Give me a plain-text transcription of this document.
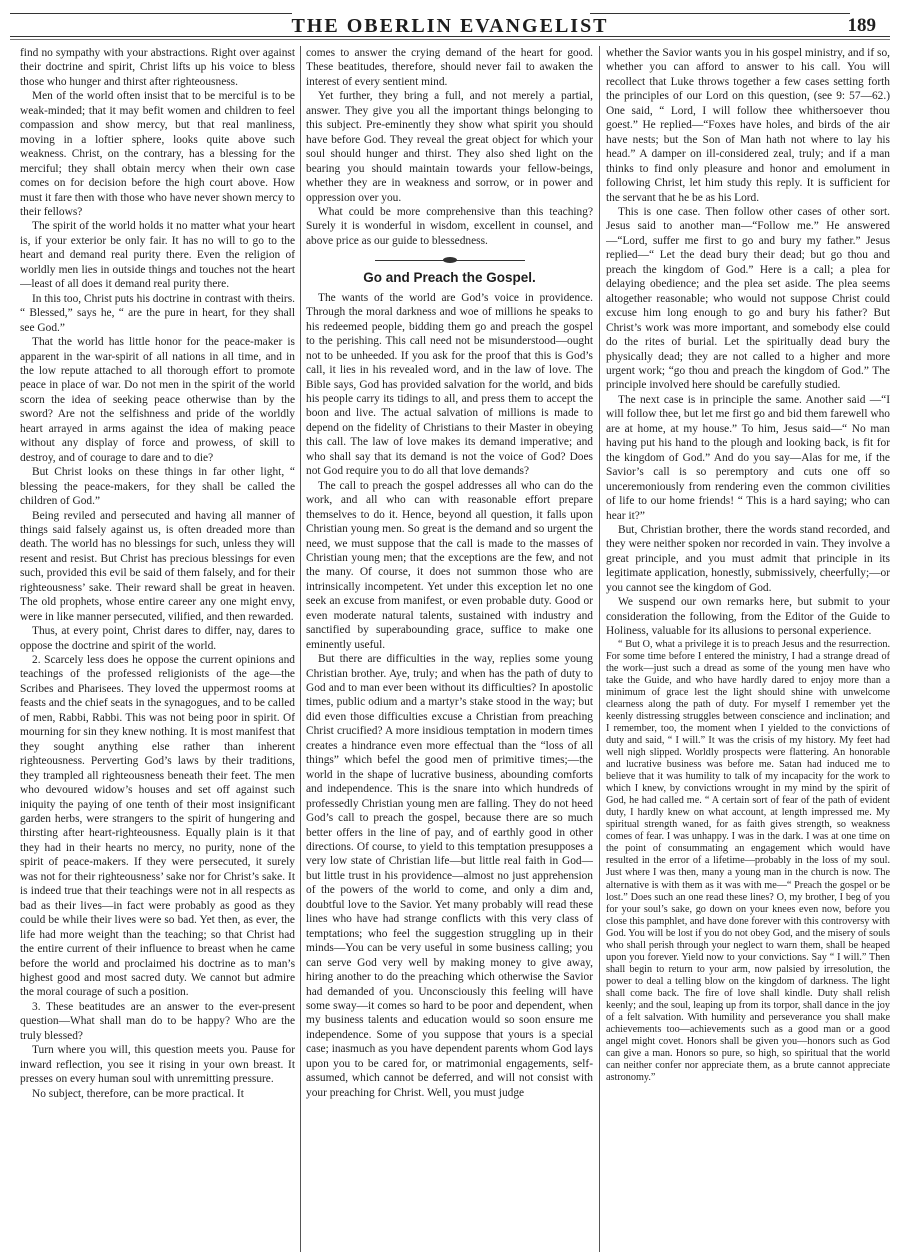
THE OBERLIN EVANGELIST	189

find no sympathy with your abstractions. Right over against their doctrine and spirit, Christ lifts up his voice to bless those who hunger and thirst after righteousness.

Men of the world often insist that to be merciful is to be weak-minded; that it may befit women and children to feel compassion and show mercy, but that real manliness, moving in a loftier sphere, looks quite above such weakness. Christ, on the contrary, has a blessing for the merciful; they shall obtain mercy when their own case comes on for decision before the high court above. How must it fare then with those who have never shown mercy to their fellows?

The spirit of the world holds it no matter what your heart is, if your exterior be only fair. It has no will to go to the heart and demand real purity there. Even the religion of worldly men lies in outside things and touches not the heart—least of all does it demand real purity there.

In this too, Christ puts his doctrine in contrast with theirs. “ Blessed,” says he, “ are the pure in heart, for they shall see God.”

That the world has little honor for the peace-maker is apparent in the war-spirit of all nations in all time, and in the low repute attached to all thorough effort to promote peace in place of war. Do not men in the spirit of the world scorn the idea of seeking peace otherwise than by the sword? Are not the selfishness and pride of the worldly heart arrayed in arms against the idea of making peace without any display of force and prowess, of skill to destroy, and of courage to dare and to die?

But Christ looks on these things in far other light, “ blessing the peace-makers, for they shall be called the children of God.”

Being reviled and persecuted and having all manner of things said falsely against us, is often dreaded more than death. The world has no blessings for such, unless they will resent and resist. But Christ has precious blessings for even such, provided this evil be said of them falsely, and for their righteousness’ sake. Their reward shall be great in heaven. The old prophets, whose entire career any one might envy, were in like manner persecuted, vilified, and then rewarded.

Thus, at every point, Christ dares to differ, nay, dares to oppose the doctrine and spirit of the world.

2. Scarcely less does he oppose the current opinions and teachings of the professed religionists of the age—the Scribes and Pharisees. They loved the uppermost rooms at feasts and the chief seats in the synagogues, and to be called of men, Rabbi, Rabbi. This was not being poor in spirit. Of mourning for sin they knew nothing. It is most manifest that they sought anything else rather than inherent righteousness. Perverting God’s laws by their traditions, they trampled all righteousness beneath their feet. The men who devoured widow’s houses and set off against such iniquity the paying of one tenth of their most insignificant garden herbs, were strangers to the spirit of hungering and thirsting after heart-righteousness. Equally plain is it that they had in their hearts no mercy, no purity, none of the spirit of peace-makers. If they were persecuted, it surely was not for their righteousness’ sake nor for Christ’s sake. It is indeed true that their teachings were not in all respects as bad as their lives—in fact were probably as good as they could be while their lives were so bad. Yet then, as ever, the life had more weight than the teaching; so that Christ had the entire current of their influence to breast when he came before the world and proclaimed his doctrine as to man’s highest good and most sacred duty. We cannot but admire the moral courage of such a position.

3. These beatitudes are an answer to the ever-present question—What shall man do to be happy? Who are the truly blessed?

Turn where you will, this question meets you. Pause for inward reflection, you see it rising in your own breast. It presses on every human soul with unremitting pressure.

No subject, therefore, can be more practical. It

comes to answer the crying demand of the heart for good. These beatitudes, therefore, should never fail to awaken the interest of every sentient mind.

Yet further, they bring a full, and not merely a partial, answer. They give you all the important things belonging to this subject. Pre-eminently they show what spirit you should have before God. They reveal the great object for which your soul should hunger and thirst. They also shed light on the bearing you should maintain towards your fellow-beings, whether they are in weakness and sorrow, or in power and oppression over you.

What could be more comprehensive than this teaching? Surely it is wonderful in wisdom, excellent in counsel, and above price as our guide to blessedness.

Go and Preach the Gospel.

The wants of the world are God’s voice in providence. Through the moral darkness and woe of millions he speaks to his redeemed people, bidding them go and preach the gospel to the perishing. This call need not be misunderstood—ought not to be unheeded. If you ask for the proof that this is God’s call, it lies in his revealed word, and in the law of love. The Bible says, God has provided salvation for the world, and bids his people carry its tidings to all, and press them to accept the boon and live. The actual salvation of millions is made to depend on the fidelity of Christians to their Master in obeying this call. The law of love makes its demand imperative; and who shall say that its demand is not the voice of God? Does not God require you to do all that love demands?

The call to preach the gospel addresses all who can do the work, and all who can with reasonable effort prepare themselves to do it. Hence, beyond all question, it falls upon Christian young men. So great is the demand and so urgent the need, we must suppose that the call is made to the masses of Christian young men; that the exceptions are the few, and not the many. Of course, it does not summon those who are intrinsically incompetent. Yet under this exception let no one seek an excuse from manifest, or even probable duty. Good or even moderate natural talents, sustained with industry and sanctified by superabounding grace, suffice to make one eminently useful.

But there are difficulties in the way, replies some young Christian brother. Aye, truly; and when has the path of duty to God and to man ever been without its difficulties? In apostolic times, public odium and a martyr’s stake stood in the way; but did even those difficulties excuse a Christian from preaching Christ crucified? A more insidious temptation in modern times creates a hindrance even more effectual than the “loss of all things” which befel the good men of primitive times;—the world in the shape of lucrative business, abounding comforts and independence. This is the snare into which hundreds of professedly Christian young men are falling. They do not heed God’s call to preach the gospel, because there are so much better offers in the line of pay, and of earthly good in other directions. Of course, to yield to this temptation presupposes a very low state of Christian life—but little real faith in God—but little trust in his providence—almost no just apprehension of the powers of the world to come, and only a dim and, doubtful love to the Savior. Yet many probably will read these lines who have had strange conflicts with this very class of temptations; who feel the suggestion struggling up in their minds—You can be very useful in some business calling; you can serve God very well by making money to give away, hiring another to do the preaching which otherwise the Savior had demanded of you. Unconsciously this feeling will have some sway—it comes so hard to be poor and dependent, when my business talents and education would so soon ensure me independence. Some of you suppose that yours is a special case; inasmuch as you have dependent parents whom God lays upon you to be cared for, or matrimonial engagements, self-assumed, which cannot be deferred, and will not consist with your preaching for Christ. Well, you must judge

whether the Savior wants you in his gospel ministry, and if so, whether you can afford to answer to his call. You will recollect that Luke throws together a few cases setting forth the principles of our Lord on this question, (see 9: 57—62.) One said, “ Lord, I will follow thee whithersoever thou goest.” He replied—“Foxes have holes, and birds of the air have nests; but the Son of Man hath not where to lay his head.” A damper on ill-considered zeal, truly; and if a man thinks to find only pleasure and honor and emolument in following Christ, let him study this reply. It is sufficient for the servant that he be as his Lord.

This is one case. Then follow other cases of other sort. Jesus said to another man—“Follow me.” He answered—“Lord, suffer me first to go and bury my father.” Jesus replied—“ Let the dead bury their dead; but go thou and preach the kingdom of God.” Here is a call; a plea for delaying obedience; and the plea set aside. The plea seems altogether reasonable; who would not suppose Christ could excuse him long enough to go and bury his father? But Christ’s work was more important, and somebody else could do the rites of burial. Let the spiritually dead bury the physically dead; they are not called to a higher and more urgent work; “go thou and preach the kingdom of God.” The principle involved here should be carefully studied.

The next case is in principle the same. Another said —“I will follow thee, but let me first go and bid them farewell who are at home, at my house.” To him, Jesus said—“ No man having put his hand to the plough and looking back, is fit for the kingdom of God.” And do you say—Alas for me, if the Savior’s call is so peremptory and cuts one off so unceremoniously from rendering even the common civilities of life to our home friends! “ This is a hard saying; who can hear it?”

But, Christian brother, there the words stand recorded, and they were neither spoken nor recorded in vain. They involve a great principle, and you must admit that principle in its legitimate application, honestly, submissively, cheerfully;—or you cannot see the kingdom of God.

We suspend our own remarks here, but submit to your consideration the following, from the Editor of the Guide to Holiness, valuable for its allusions to personal experience.

“ But O, what a privilege it is to preach Jesus and the resurrection. For some time before I entered the ministry, I had a strange dread of the work—just such a dread as some of the young men have who take the Guide, and who have hardly dared to enjoy more than a minimum of grace lest the light should shine with unwelcome clearness along the path of duty. For myself I remember yet the keenly distressing struggles between conscience and inclination; and I remember, too, the moment when I yielded to the convictions of duty and said, “ I will.” It was the crisis of my history. My feet had well nigh slipped. Worldly prospects were flattering. An honorable and lucrative business was before me. Satan had induced me to believe that it was humility to talk of my incapacity for the work to which I knew, by convictions wrought in my mind by the spirit of God, he had called me. “ A certain sort of fear of the path of evident duty, I hardly knew on what account, at length impressed me. My spiritual strength waned, for as faith gives strength, so weakness comes of fear. I was unhappy. I was in the dark. I was at one time on the point of consummating an engagement which would have resulted in the error of a lifetime—probably in the loss of my soul. Just where I was then, many a young man in the church is now. The alternative is with them as it was with me—“ Preach the gospel or be lost.” Does such an one read these lines? O, my brother, I beg of you for your soul’s sake, go down on your knees even now, before you close this pamphlet, and have done forever with this controversy with God. You will be lost if you do not obey God, and the misery of souls who shall perish through your neglect to warn them, shall be heaped upon you forever. Yield now to your convictions. Say “ I will.” Then shall begin to return to your arm, now palsied by irresolution, the power to deal a telling blow on the kingdom of darkness. The light shall come back. The fire of love shall kindle. Duty shall relish keenly; and the soul, leaping up from its torpor, shall dance in the joy of a felt salvation. With humility and perseverance you shall make achievements too—achievements such as a good man or a good angel might covet. Honors shall be given you—honors such as God can give a man. Honors so pure, so high, so spiritual that the world can neither confer nor appreciate them, as a brute cannot appreciate astronomy.”
